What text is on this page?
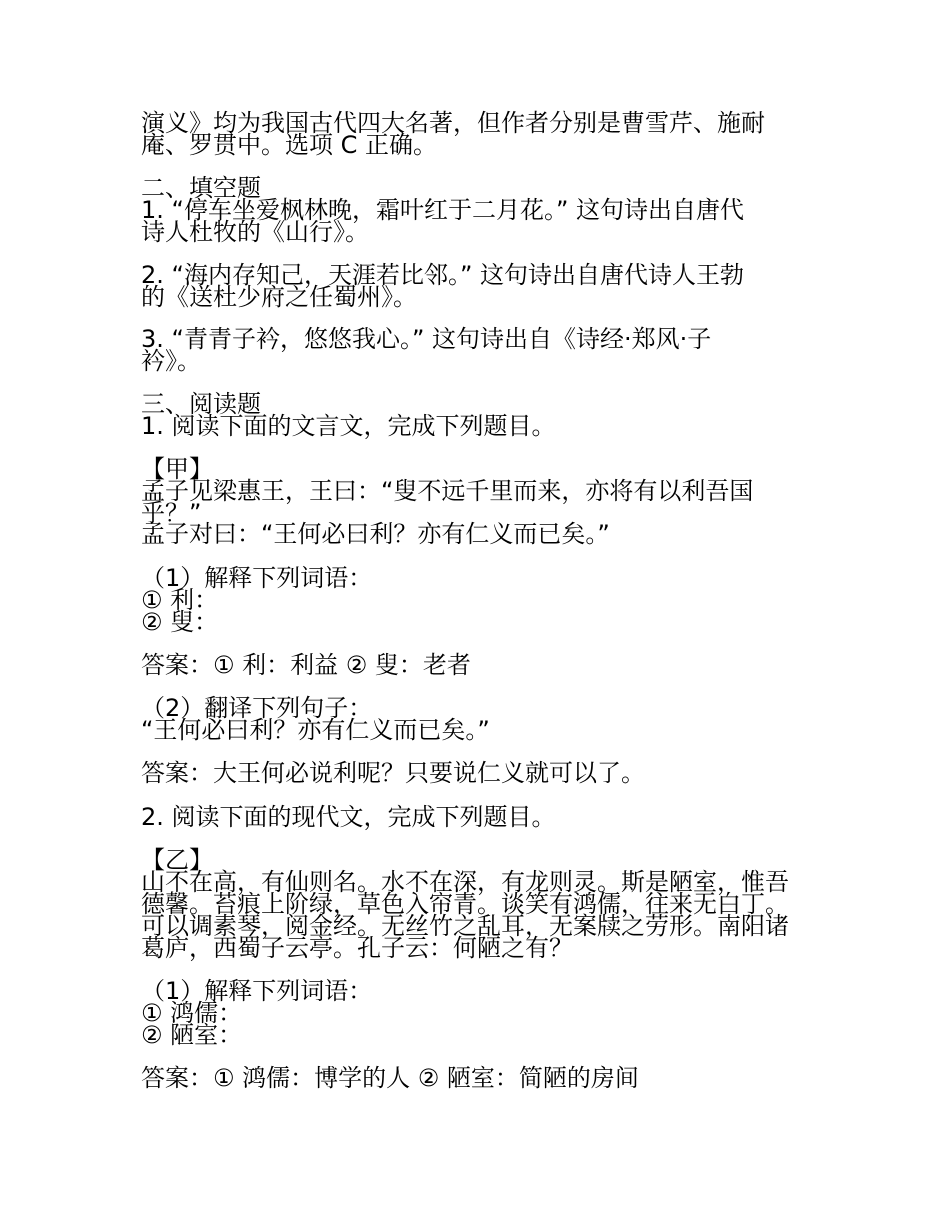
演义》均为我国古代四大名著，但作者分别是曹雪芹、施耐
庵、罗贯中。选项 C 正确。
二、填空题
1. “停车坐爱枫林晚，霜叶红于二月花。” 这句诗出自唐代
诗人杜牧的《山行》。
2. “海内存知己，天涯若比邻。” 这句诗出自唐代诗人王勃
的《送杜少府之任蜀州》。
3. “青青子衿，悠悠我心。” 这句诗出自《诗经·郑风·子
衿》。
三、阅读题
1. 阅读下面的文言文，完成下列题目。
【甲】
孟子见梁惠王，王曰：“叟不远千里而来，亦将有以利吾国
乎？”
孟子对曰：“王何必曰利？亦有仁义而已矣。”
（1）解释下列词语：
① 利：
② 叟：
答案：① 利：利益 ② 叟：老者
（2）翻译下列句子：
“王何必曰利？亦有仁义而已矣。”
答案：大王何必说利呢？只要说仁义就可以了。
2. 阅读下面的现代文，完成下列题目。
【乙】
山不在高，有仙则名。水不在深，有龙则灵。斯是陋室，惟吾
德馨。苔痕上阶绿，草色入帘青。谈笑有鸿儒，往来无白丁。
可以调素琴，阅金经。无丝竹之乱耳，无案牍之劳形。南阳诸
葛庐，西蜀子云亭。孔子云：何陋之有？
（1）解释下列词语：
① 鸿儒：
② 陋室：
答案：① 鸿儒：博学的人 ② 陋室：简陋的房间
